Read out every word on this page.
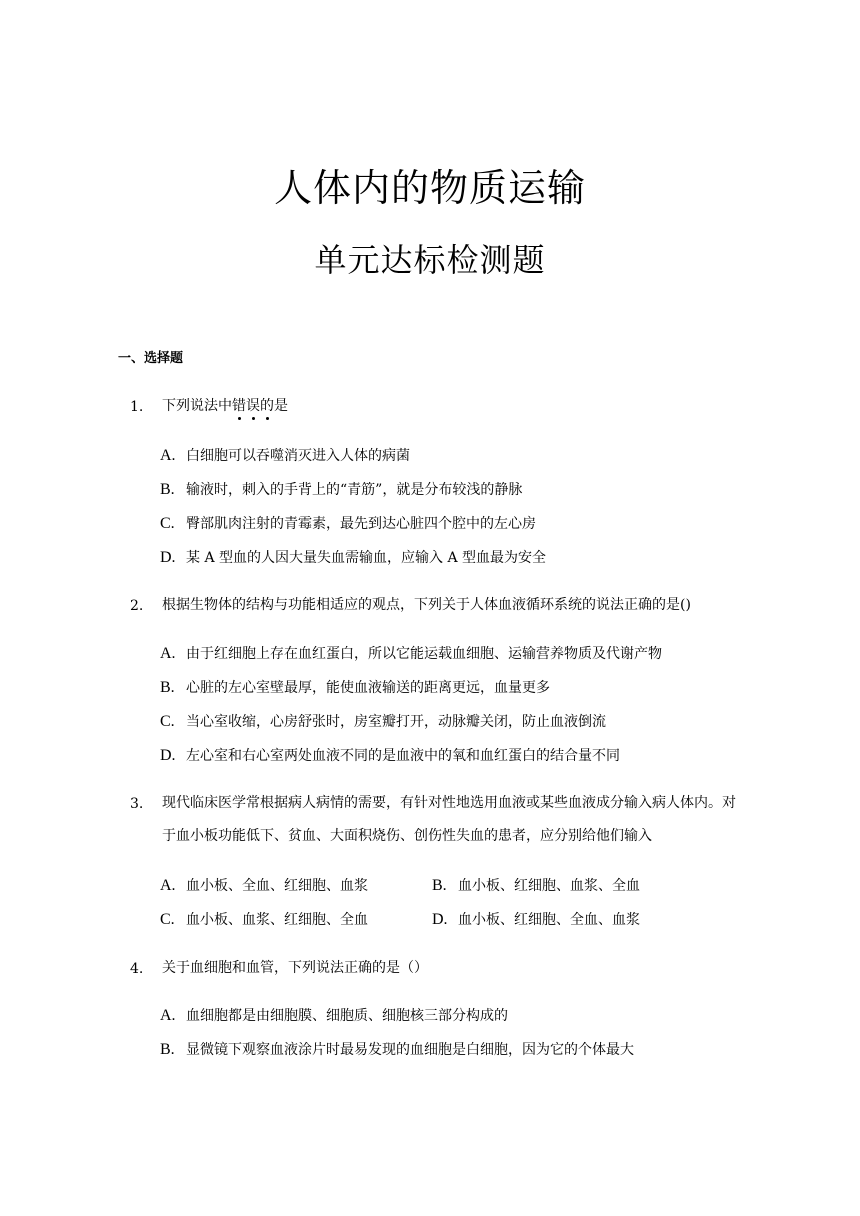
人体内的物质运输
单元达标检测题
一、选择题
1. 下列说法中错误的是
A. 白细胞可以吞噬消灭进入人体的病菌
B. 输液时，刺入的手背上的“青筋”，就是分布较浅的静脉
C. 臀部肌肉注射的青霉素，最先到达心脏四个腔中的左心房
D. 某 A 型血的人因大量失血需输血，应输入 A 型血最为安全
2. 根据生物体的结构与功能相适应的观点，下列关于人体血液循环系统的说法正确的是()
A. 由于红细胞上存在血红蛋白，所以它能运载血细胞、运输营养物质及代谢产物
B. 心脏的左心室壁最厚，能使血液输送的距离更远，血量更多
C. 当心室收缩，心房舒张时，房室瓣打开，动脉瓣关闭，防止血液倒流
D. 左心室和右心室两处血液不同的是血液中的氧和血红蛋白的结合量不同
3. 现代临床医学常根据病人病情的需要，有针对性地选用血液或某些血液成分输入病人体内。对于血小板功能低下、贫血、大面积烧伤、创伤性失血的患者，应分别给他们输入
A. 血小板、全血、红细胞、血浆	B. 血小板、红细胞、血浆、全血
C. 血小板、血浆、红细胞、全血	D. 血小板、红细胞、全血、血浆
4. 关于血细胞和血管，下列说法正确的是（）
A. 血细胞都是由细胞膜、细胞质、细胞核三部分构成的
B. 显微镜下观察血液涂片时最易发现的血细胞是白细胞，因为它的个体最大
